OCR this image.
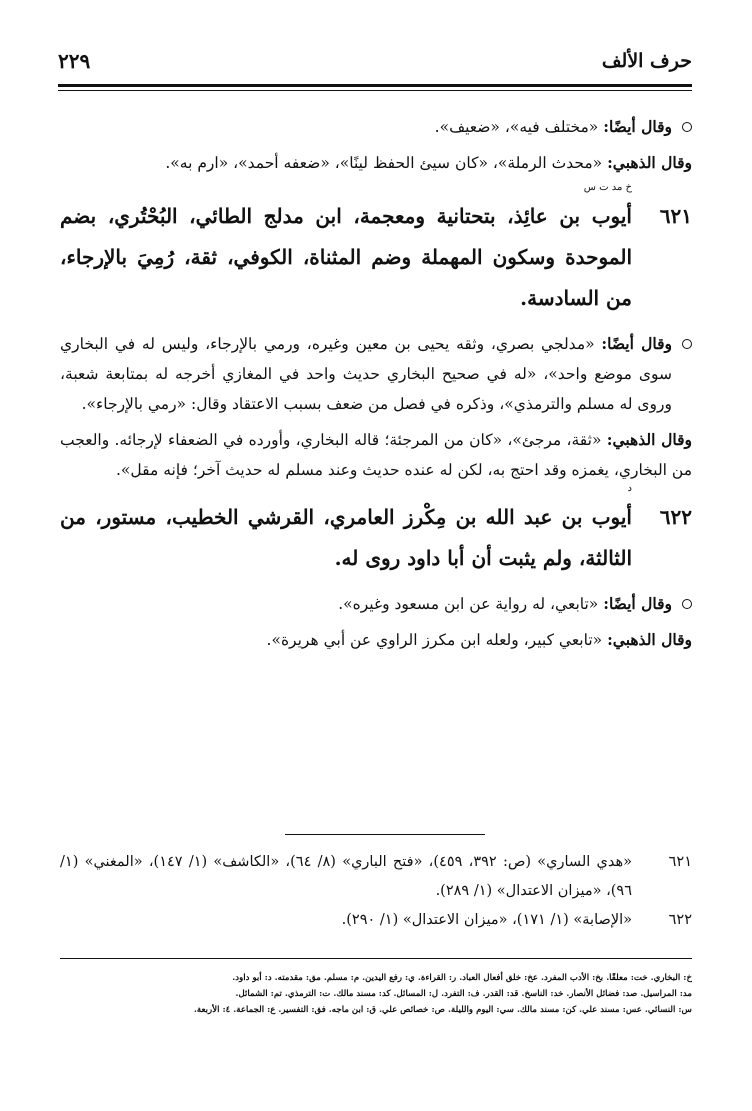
حرف الألف
٢٢٩

وقال أيضًا: «مختلف فيه»، «ضعيف».

وقال الذهبي: «محدث الرملة»، «كان سيئ الحفظ لينًا»، «ضعفه أحمد»، «ارم به».

٦٢١
خ مد ت س
أيوب بن عائِذ، بتحتانية ومعجمة، ابن مدلج الطائي، البُحْتُري، بضم الموحدة وسكون المهملة وضم المثناة، الكوفي، ثقة، رُمِيَ بالإرجاء، من السادسة.

وقال أيضًا: «مدلجي بصري، وثقه يحيى بن معين وغيره، ورمي بالإرجاء، وليس له في البخاري سوى موضع واحد»، «له في صحيح البخاري حديث واحد في المغازي أخرجه له بمتابعة شعبة، وروى له مسلم والترمذي»، وذكره في فصل من ضعف بسبب الاعتقاد وقال: «رمي بالإرجاء».

وقال الذهبي: «ثقة، مرجئ»، «كان من المرجئة؛ قاله البخاري، وأورده في الضعفاء لإرجائه. والعجب من البخاري، يغمزه وقد احتج به، لكن له عنده حديث وعند مسلم له حديث آخر؛ فإنه مقل».

٦٢٢
د
أيوب بن عبد الله بن مِكْرز العامري، القرشي الخطيب، مستور، من الثالثة، ولم يثبت أن أبا داود روى له.

وقال أيضًا: «تابعي، له رواية عن ابن مسعود وغيره».

وقال الذهبي: «تابعي كبير، ولعله ابن مكرز الراوي عن أبي هريرة».

٦٢١
«هدي الساري» (ص: ٣٩٢، ٤٥٩)، «فتح الباري» (٨/ ٦٤)، «الكاشف» (١/ ١٤٧)، «المغني» (١/ ٩٦)، «ميزان الاعتدال» (١/ ٢٨٩).
٦٢٢
«الإصابة» (١/ ١٧١)، «ميزان الاعتدال» (١/ ٢٩٠).
خ: البخاري. خت: معلقًا. بخ: الأدب المفرد. عخ: خلق أفعال العباد. ر: القراءة. ي: رفع اليدين. م: مسلم. مق: مقدمته. د: أبو داود.
مد: المراسيل. صد: فضائل الأنصار. خد: الناسخ. قد: القدر. ف: التفرد. ل: المسائل. كد: مسند مالك. ت: الترمذي. تم: الشمائل.
س: النسائي. عس: مسند علي. كن: مسند مالك. سي: اليوم والليلة. ص: خصائص علي. ق: ابن ماجه. فق: التفسير. ع: الجماعة. ٤: الأربعة.
